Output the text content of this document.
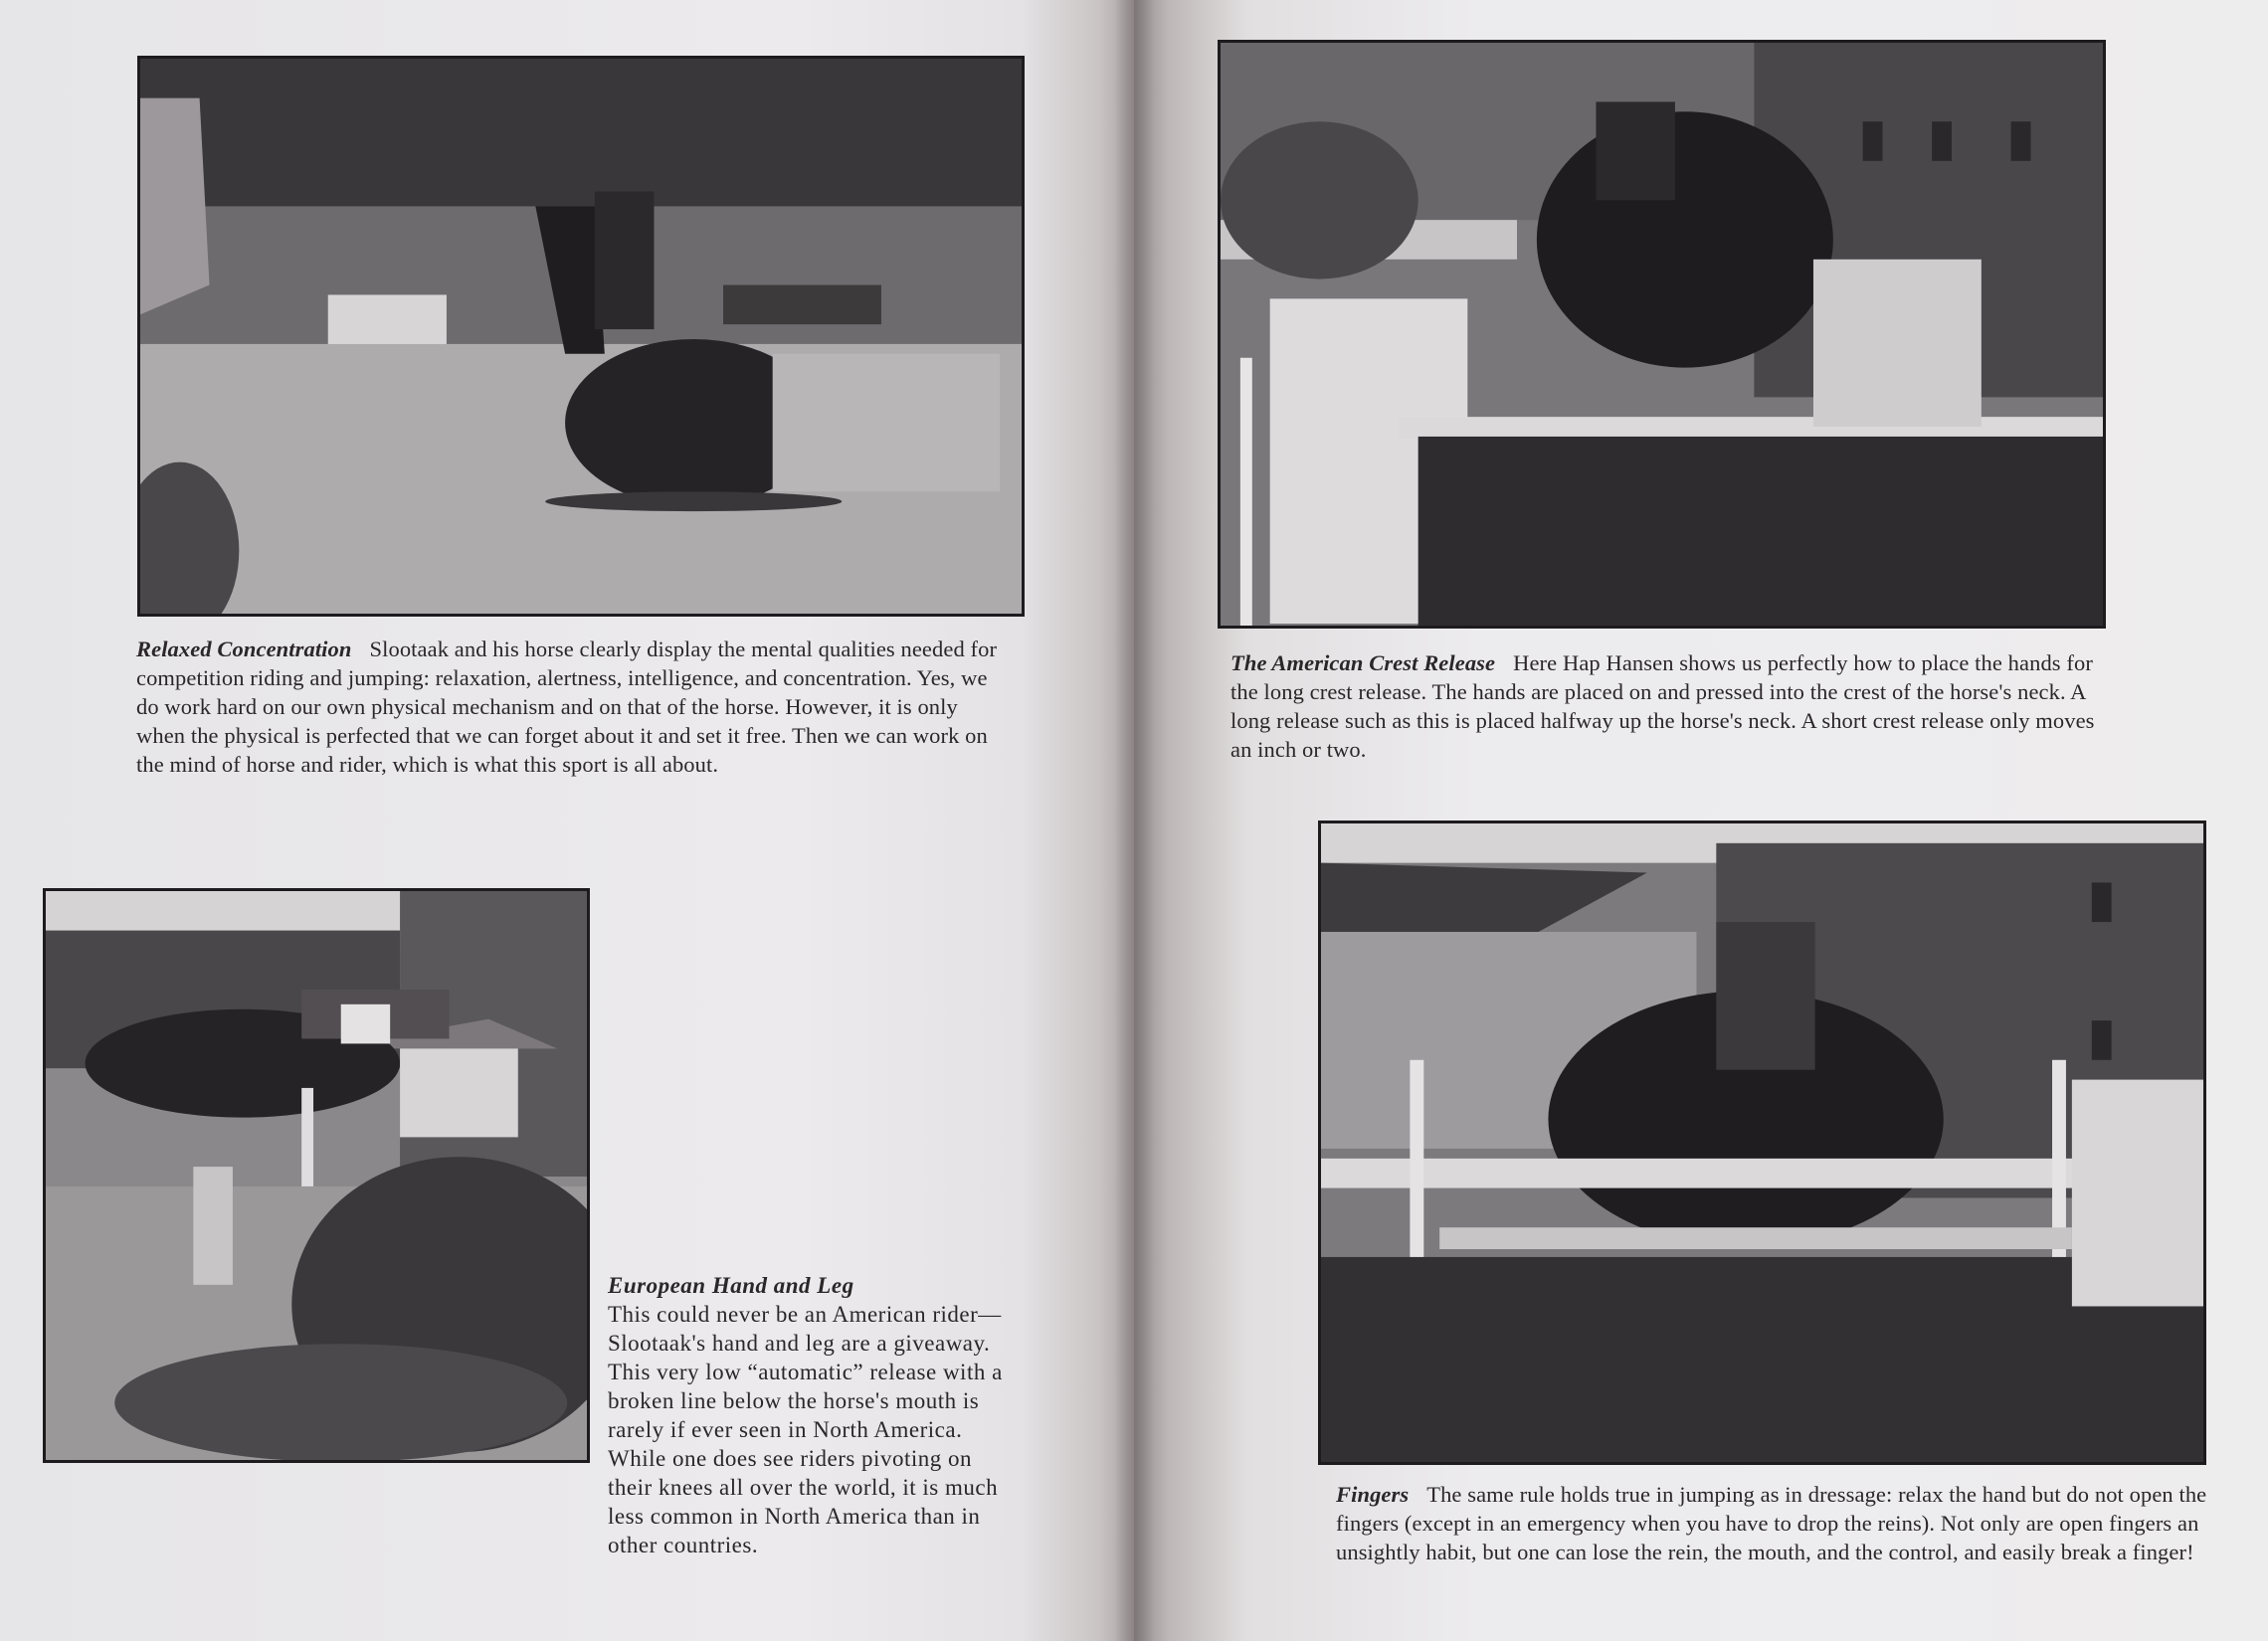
Relaxed Concentration Slootaak and his horse clearly display the mental qualities needed for competition riding and jumping: relaxation, alertness, intelligence, and concentration. Yes, we do work hard on our own physical mechanism and on that of the horse. However, it is only when the physical is perfected that we can forget about it and set it free. Then we can work on the mind of horse and rider, which is what this sport is all about.
European Hand and Leg
This could never be an American rider—Slootaak's hand and leg are a giveaway. This very low “automatic” release with a broken line below the horse's mouth is rarely if ever seen in North America. While one does see riders pivoting on their knees all over the world, it is much less common in North America than in other countries.
The American Crest Release Here Hap Hansen shows us perfectly how to place the hands for the long crest release. The hands are placed on and pressed into the crest of the horse's neck. A long release such as this is placed halfway up the horse's neck. A short crest release only moves an inch or two.
Fingers The same rule holds true in jumping as in dressage: relax the hand but do not open the fingers (except in an emergency when you have to drop the reins). Not only are open fingers an unsightly habit, but one can lose the rein, the mouth, and the control, and easily break a finger!
